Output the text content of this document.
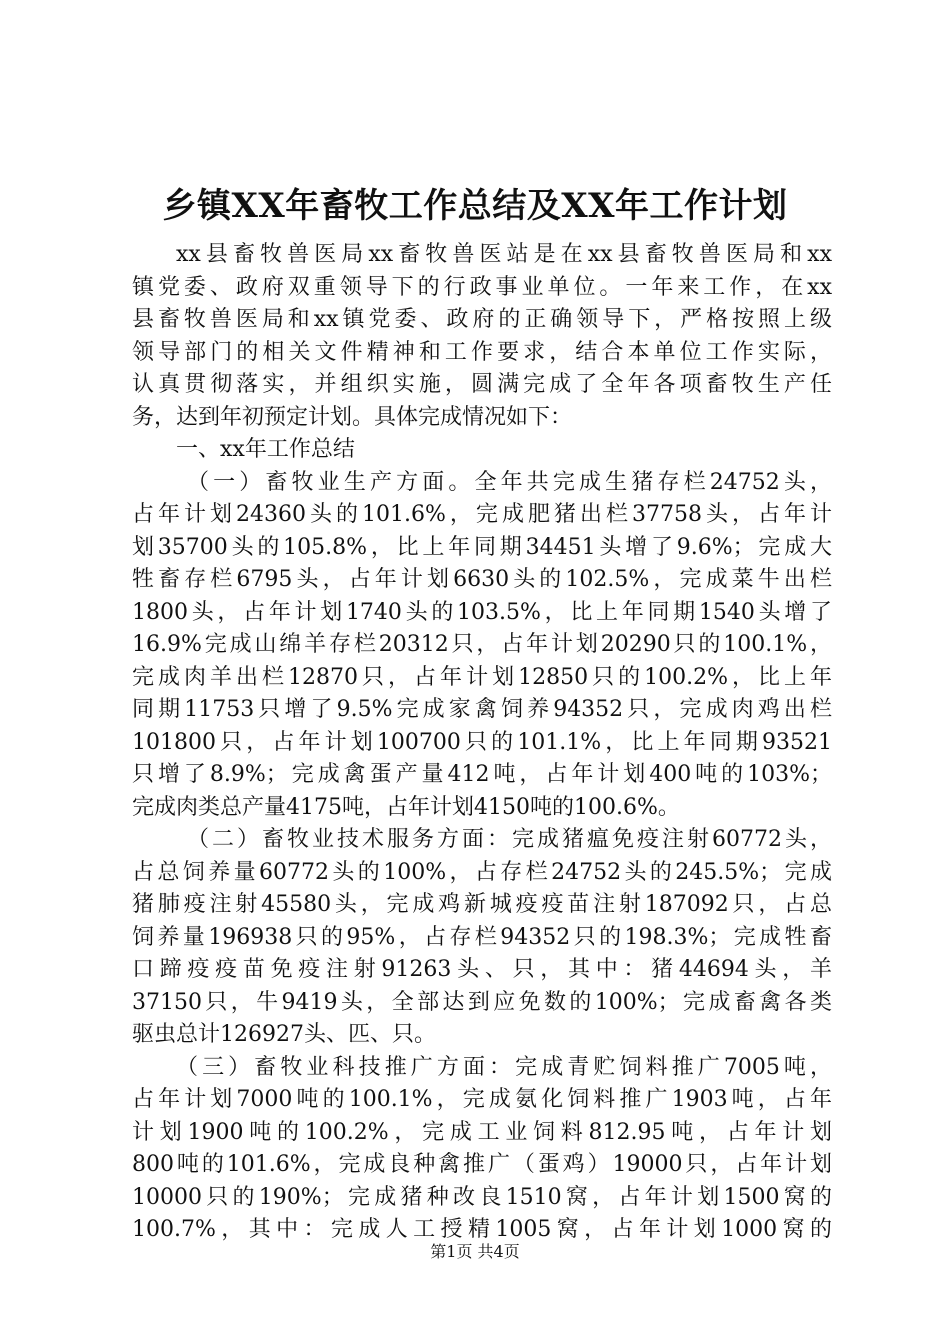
乡镇XX年畜牧工作总结及XX年工作计划
xx县畜牧兽医局xx畜牧兽医站是在xx县畜牧兽医局和xx
镇党委、政府双重领导下的行政事业单位。一年来工作，在xx
县畜牧兽医局和xx镇党委、政府的正确领导下，严格按照上级
领导部门的相关文件精神和工作要求，结合本单位工作实际，
认真贯彻落实，并组织实施，圆满完成了全年各项畜牧生产任
务，达到年初预定计划。具体完成情况如下：
一、xx年工作总结
（一）畜牧业生产方面。全年共完成生猪存栏24752头，
占年计划24360头的101.6%，完成肥猪出栏37758头，占年计
划35700头的105.8%，比上年同期34451头增了9.6%；完成大
牲畜存栏6795头，占年计划6630头的102.5%，完成菜牛出栏
1800头，占年计划1740头的103.5%，比上年同期1540头增了
16.9%完成山绵羊存栏20312只，占年计划20290只的100.1%，
完成肉羊出栏12870只，占年计划12850只的100.2%，比上年
同期11753只增了9.5%完成家禽饲养94352只，完成肉鸡出栏
101800只，占年计划100700只的101.1%，比上年同期93521
只增了8.9%；完成禽蛋产量412吨，占年计划400吨的103%；
完成肉类总产量4175吨，占年计划4150吨的100.6%。
（二）畜牧业技术服务方面：完成猪瘟免疫注射60772头，
占总饲养量60772头的100%，占存栏24752头的245.5%；完成
猪肺疫注射45580头，完成鸡新城疫疫苗注射187092只，占总
饲养量196938只的95%，占存栏94352只的198.3%；完成牲畜
口蹄疫疫苗免疫注射91263头、只，其中：猪44694头，羊
37150只，牛9419头，全部达到应免数的100%；完成畜禽各类
驱虫总计126927头、匹、只。
（三）畜牧业科技推广方面：完成青贮饲料推广7005吨，
占年计划7000吨的100.1%，完成氨化饲料推广1903吨，占年
计划1900吨的100.2%，完成工业饲料812.95吨，占年计划
800吨的101.6%，完成良种禽推广（蛋鸡）19000只，占年计划
10000只的190%；完成猪种改良1510窝，占年计划1500窝的
100.7%，其中：完成人工授精1005窝，占年计划1000窝的
第1页 共4页
